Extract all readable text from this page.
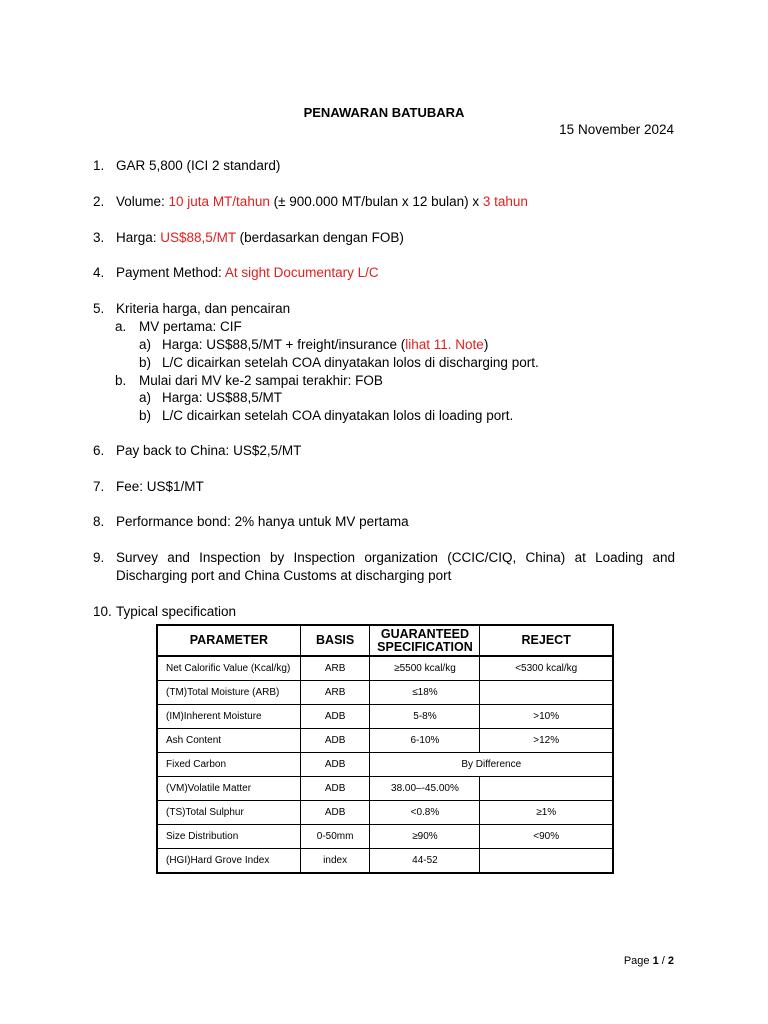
PENAWARAN BATUBARA
15 November 2024
1. GAR 5,800 (ICI 2 standard)
2. Volume: 10 juta MT/tahun (± 900.000 MT/bulan x 12 bulan) x 3 tahun
3. Harga: US$88,5/MT (berdasarkan dengan FOB)
4. Payment Method: At sight Documentary L/C
5. Kriteria harga, dan pencairan
a. MV pertama: CIF
a) Harga: US$88,5/MT + freight/insurance (lihat 11. Note)
b) L/C dicairkan setelah COA dinyatakan lolos di discharging port.
b. Mulai dari MV ke-2 sampai terakhir: FOB
a) Harga: US$88,5/MT
b) L/C dicairkan setelah COA dinyatakan lolos di loading port.
6. Pay back to China: US$2,5/MT
7. Fee: US$1/MT
8. Performance bond: 2% hanya untuk MV pertama
9. Survey and Inspection by Inspection organization (CCIC/CIQ, China) at Loading and Discharging port and China Customs at discharging port
10. Typical specification
PARAMETER	BASIS	GUARANTEED SPECIFICATION	REJECT
Net Calorific Value (Kcal/kg)	ARB	≥5500 kcal/kg	<5300 kcal/kg
(TM)Total Moisture (ARB)	ARB	≤18%	
(IM)Inherent Moisture	ADB	5-8%	>10%
Ash Content	ADB	6-10%	>12%
Fixed Carbon	ADB	By Difference	
(VM)Volatile Matter	ADB	38.00–-45.00%	
(TS)Total Sulphur	ADB	<0.8%	≥1%
Size Distribution	0-50mm	≥90%	<90%
(HGI)Hard Grove Index	index	44-52	
Page 1 / 2
